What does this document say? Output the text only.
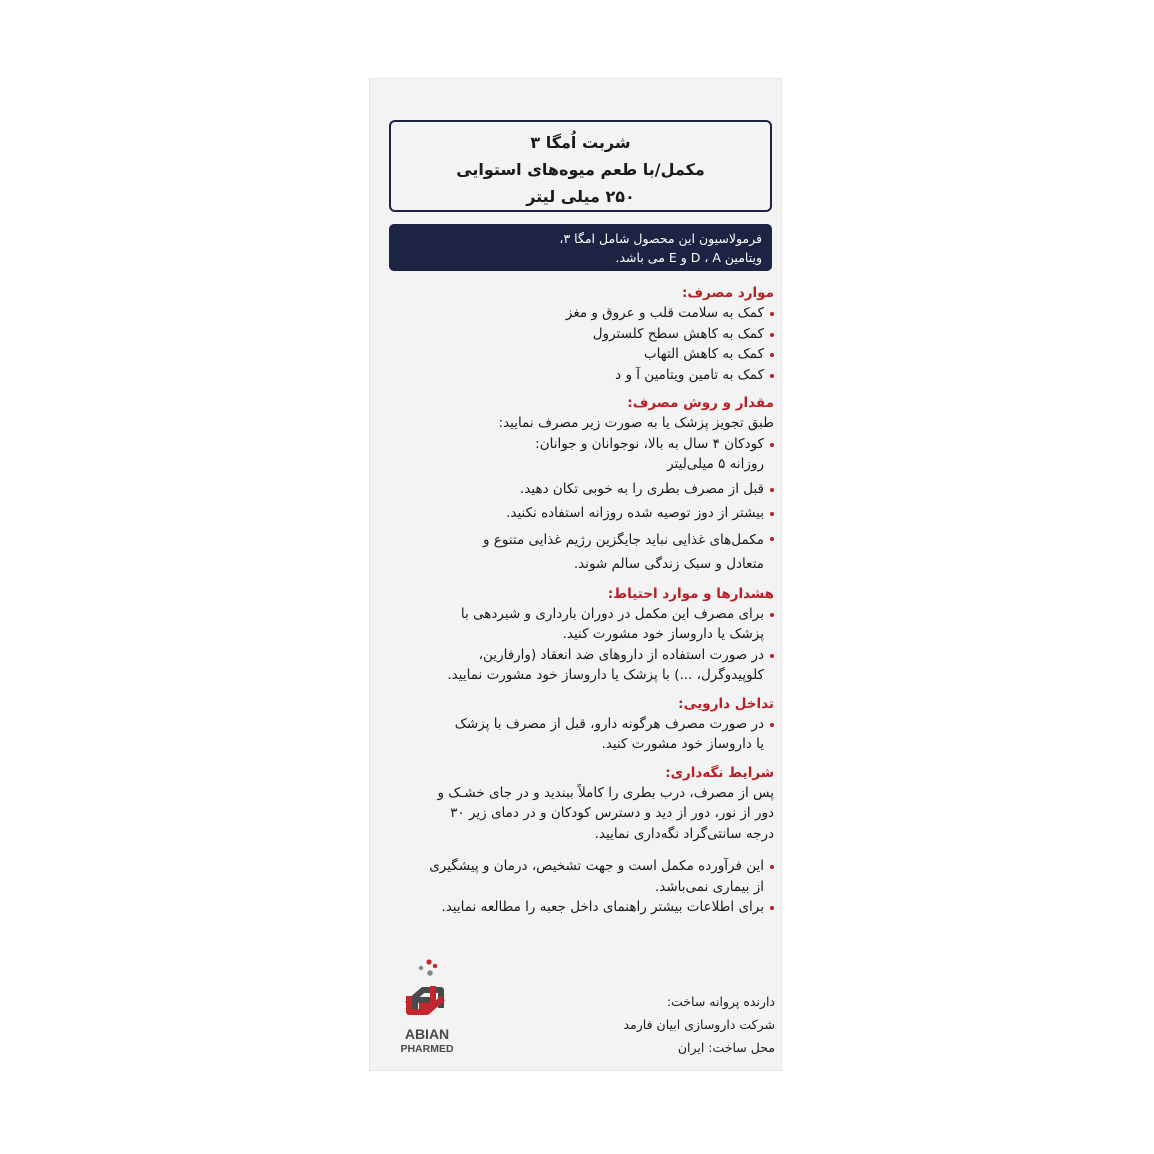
شربت اُمگا ۳
مکمل/با طعم میوه‌های استوایی
۲۵۰ میلی لیتر
فرمولاسیون این محصول شامل امگا ۳،
ویتامین D ، A و E می باشد.
موارد مصرف:
کمک به سلامت قلب و عروق و مغز
کمک به کاهش سطح کلسترول
کمک به کاهش التهاب
کمک به تامین ویتامین آ و د
مقدار و روش مصرف:
طبق تجویز پزشک یا به صورت زیر مصرف نمایید:
کودکان ۴ سال به بالا، نوجوانان و جوانان:
روزانه ۵ میلی‌لیتر
قبل از مصرف بطری را به خوبی تکان دهید.
بیشتر از دوز توصیه شده روزانه استفاده نکنید.
مکمل‌های غذایی نباید جایگزین رژیم غذایی متنوع و
متعادل و سبک زندگی سالم شوند.
هشدارها و موارد احتیاط:
برای مصرف این مکمل در دوران بارداری و شیردهی با
پزشک یا داروساز خود مشورت کنید.
در صورت استفاده از داروهای ضد انعقاد (وارفارین،
کلوپیدوگرل، ...) با پزشک یا داروساز خود مشورت نمایید.
تداخل دارویی:
در صورت مصرف هرگونه دارو، قبل از مصرف با پزشک
یا داروساز خود مشورت کنید.
شرایط نگه‌داری:
پس از مصرف، درب بطری را کاملاً ببندید و در جای خشـک و
دور از نور، دور از دید و دسترس کودکان و در دمای زیر ۳۰
درجه سانتی‌گراد نگه‌داری نمایید.
این فرآورده مکمل است و جهت تشخیص، درمان و پیشگیری
از بیماری نمی‌باشد.
برای اطلاعات بیشتر راهنمای داخل جعبه را مطالعه نمایید.
ABIAN
PHARMED
دارنده پروانه ساخت:
شرکت داروسازی ابیان فارمد
محل ساخت: ایران
